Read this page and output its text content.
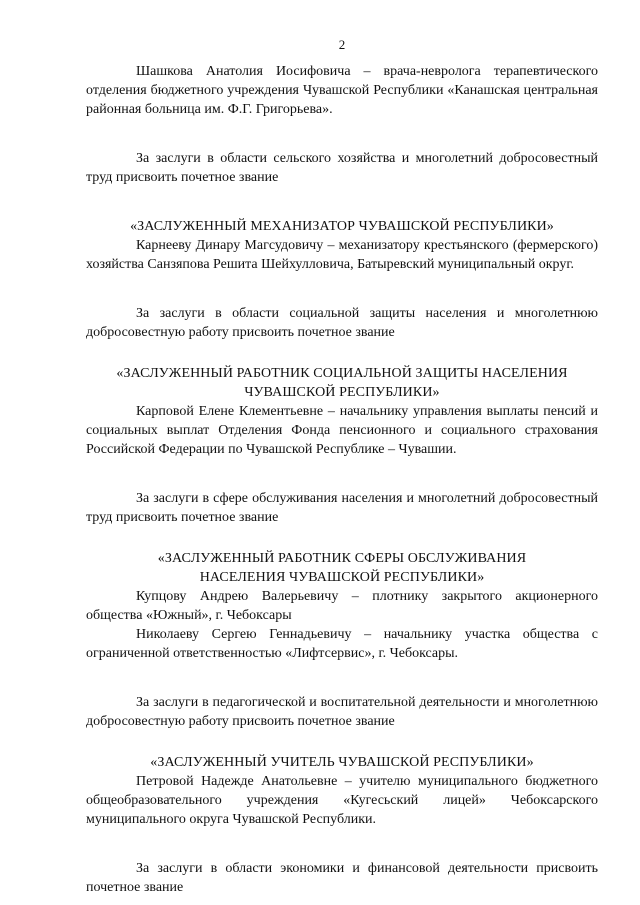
2

Шашкова Анатолия Иосифовича – врача-невролога терапевтического отделения бюджетного учреждения Чувашской Республики «Канашская центральная районная больница им. Ф.Г. Григорьева».

За заслуги в области сельского хозяйства и многолетний добросовестный труд присвоить почетное звание

«ЗАСЛУЖЕННЫЙ МЕХАНИЗАТОР ЧУВАШСКОЙ РЕСПУБЛИКИ»

Карнееву Динару Магсудовичу – механизатору крестьянского (фермерского) хозяйства Санзяпова Решита Шейхулловича, Батыревский муниципальный округ.

За заслуги в области социальной защиты населения и многолетнюю добросовестную работу присвоить почетное звание

«ЗАСЛУЖЕННЫЙ РАБОТНИК СОЦИАЛЬНОЙ ЗАЩИТЫ НАСЕЛЕНИЯ
ЧУВАШСКОЙ РЕСПУБЛИКИ»

Карповой Елене Клементьевне – начальнику управления выплаты пенсий и социальных выплат Отделения Фонда пенсионного и социального страхования Российской Федерации по Чувашской Республике – Чувашии.

За заслуги в сфере обслуживания населения и многолетний добросовестный труд присвоить почетное звание

«ЗАСЛУЖЕННЫЙ РАБОТНИК СФЕРЫ ОБСЛУЖИВАНИЯ
НАСЕЛЕНИЯ ЧУВАШСКОЙ РЕСПУБЛИКИ»

Купцову Андрею Валерьевичу – плотнику закрытого акционерного общества «Южный», г. Чебоксары

Николаеву Сергею Геннадьевичу – начальнику участка общества с ограниченной ответственностью «Лифтсервис», г. Чебоксары.

За заслуги в педагогической и воспитательной деятельности и многолетнюю добросовестную работу присвоить почетное звание

«ЗАСЛУЖЕННЫЙ УЧИТЕЛЬ ЧУВАШСКОЙ РЕСПУБЛИКИ»

Петровой Надежде Анатольевне – учителю муниципального бюджетного общеобразовательного учреждения «Кугесьский лицей» Чебоксарского муниципального округа Чувашской Республики.

За заслуги в области экономики и финансовой деятельности присвоить почетное звание
